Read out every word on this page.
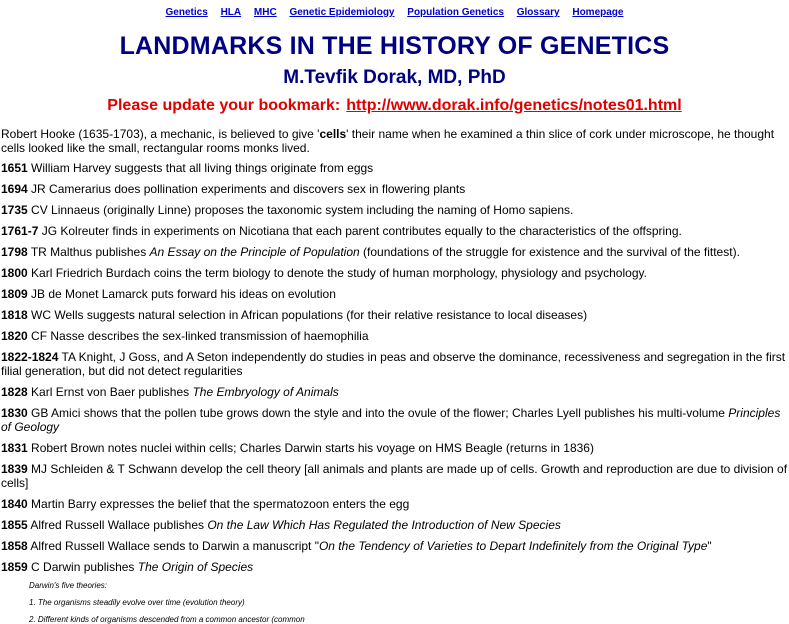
Genetics HLA MHC Genetic Epidemiology Population Genetics Glossary Homepage
LANDMARKS IN THE HISTORY OF GENETICS
M.Tevfik Dorak, MD, PhD
Please update your bookmark: http://www.dorak.info/genetics/notes01.html
Robert Hooke (1635-1703), a mechanic, is believed to give 'cells' their name when he examined a thin slice of cork under microscope, he thought cells looked like the small, rectangular rooms monks lived.
1651 William Harvey suggests that all living things originate from eggs
1694 JR Camerarius does pollination experiments and discovers sex in flowering plants
1735 CV Linnaeus (originally Linne) proposes the taxonomic system including the naming of Homo sapiens.
1761-7 JG Kolreuter finds in experiments on Nicotiana that each parent contributes equally to the characteristics of the offspring.
1798 TR Malthus publishes An Essay on the Principle of Population (foundations of the struggle for existence and the survival of the fittest).
1800 Karl Friedrich Burdach coins the term biology to denote the study of human morphology, physiology and psychology.
1809 JB de Monet Lamarck puts forward his ideas on evolution
1818 WC Wells suggests natural selection in African populations (for their relative resistance to local diseases)
1820 CF Nasse describes the sex-linked transmission of haemophilia
1822-1824 TA Knight, J Goss, and A Seton independently do studies in peas and observe the dominance, recessiveness and segregation in the first filial generation, but did not detect regularities
1828 Karl Ernst von Baer publishes The Embryology of Animals
1830 GB Amici shows that the pollen tube grows down the style and into the ovule of the flower; Charles Lyell publishes his multi-volume Principles of Geology
1831 Robert Brown notes nuclei within cells; Charles Darwin starts his voyage on HMS Beagle (returns in 1836)
1839 MJ Schleiden & T Schwann develop the cell theory [all animals and plants are made up of cells. Growth and reproduction are due to division of cells]
1840 Martin Barry expresses the belief that the spermatozoon enters the egg
1855 Alfred Russell Wallace publishes On the Law Which Has Regulated the Introduction of New Species
1858 Alfred Russell Wallace sends to Darwin a manuscript "On the Tendency of Varieties to Depart Indefinitely from the Original Type"
1859 C Darwin publishes The Origin of Species
Darwin's five theories:
1. The organisms steadily evolve over time (evolution theory)
2. Different kinds of organisms descended from a common ancestor (common
